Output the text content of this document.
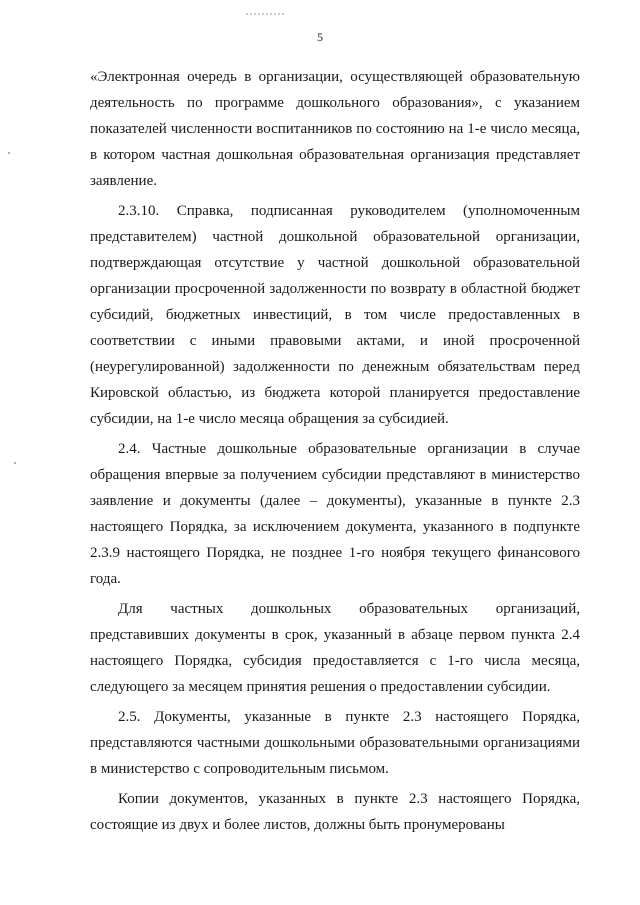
5

«Электронная очередь в организации, осуществляющей образовательную деятельность по программе дошкольного образования», с указанием показателей численности воспитанников по состоянию на 1-е число месяца, в котором частная дошкольная образовательная организация представляет заявление.

2.3.10. Справка, подписанная руководителем (уполномоченным представителем) частной дошкольной образовательной организации, подтверждающая отсутствие у частной дошкольной образовательной организации просроченной задолженности по возврату в областной бюджет субсидий, бюджетных инвестиций, в том числе предоставленных в соответствии с иными правовыми актами, и иной просроченной (неурегулированной) задолженности по денежным обязательствам перед Кировской областью, из бюджета которой планируется предоставление субсидии, на 1-е число месяца обращения за субсидией.

2.4. Частные дошкольные образовательные организации в случае обращения впервые за получением субсидии представляют в министерство заявление и документы (далее – документы), указанные в пункте 2.3 настоящего Порядка, за исключением документа, указанного в подпункте 2.3.9 настоящего Порядка, не позднее 1-го ноября текущего финансового года.

Для частных дошкольных образовательных организаций, представивших документы в срок, указанный в абзаце первом пункта 2.4 настоящего Порядка, субсидия предоставляется с 1-го числа месяца, следующего за месяцем принятия решения о предоставлении субсидии.

2.5. Документы, указанные в пункте 2.3 настоящего Порядка, представляются частными дошкольными образовательными организациями в министерство с сопроводительным письмом.

Копии документов, указанных в пункте 2.3 настоящего Порядка, состоящие из двух и более листов, должны быть пронумерованы
